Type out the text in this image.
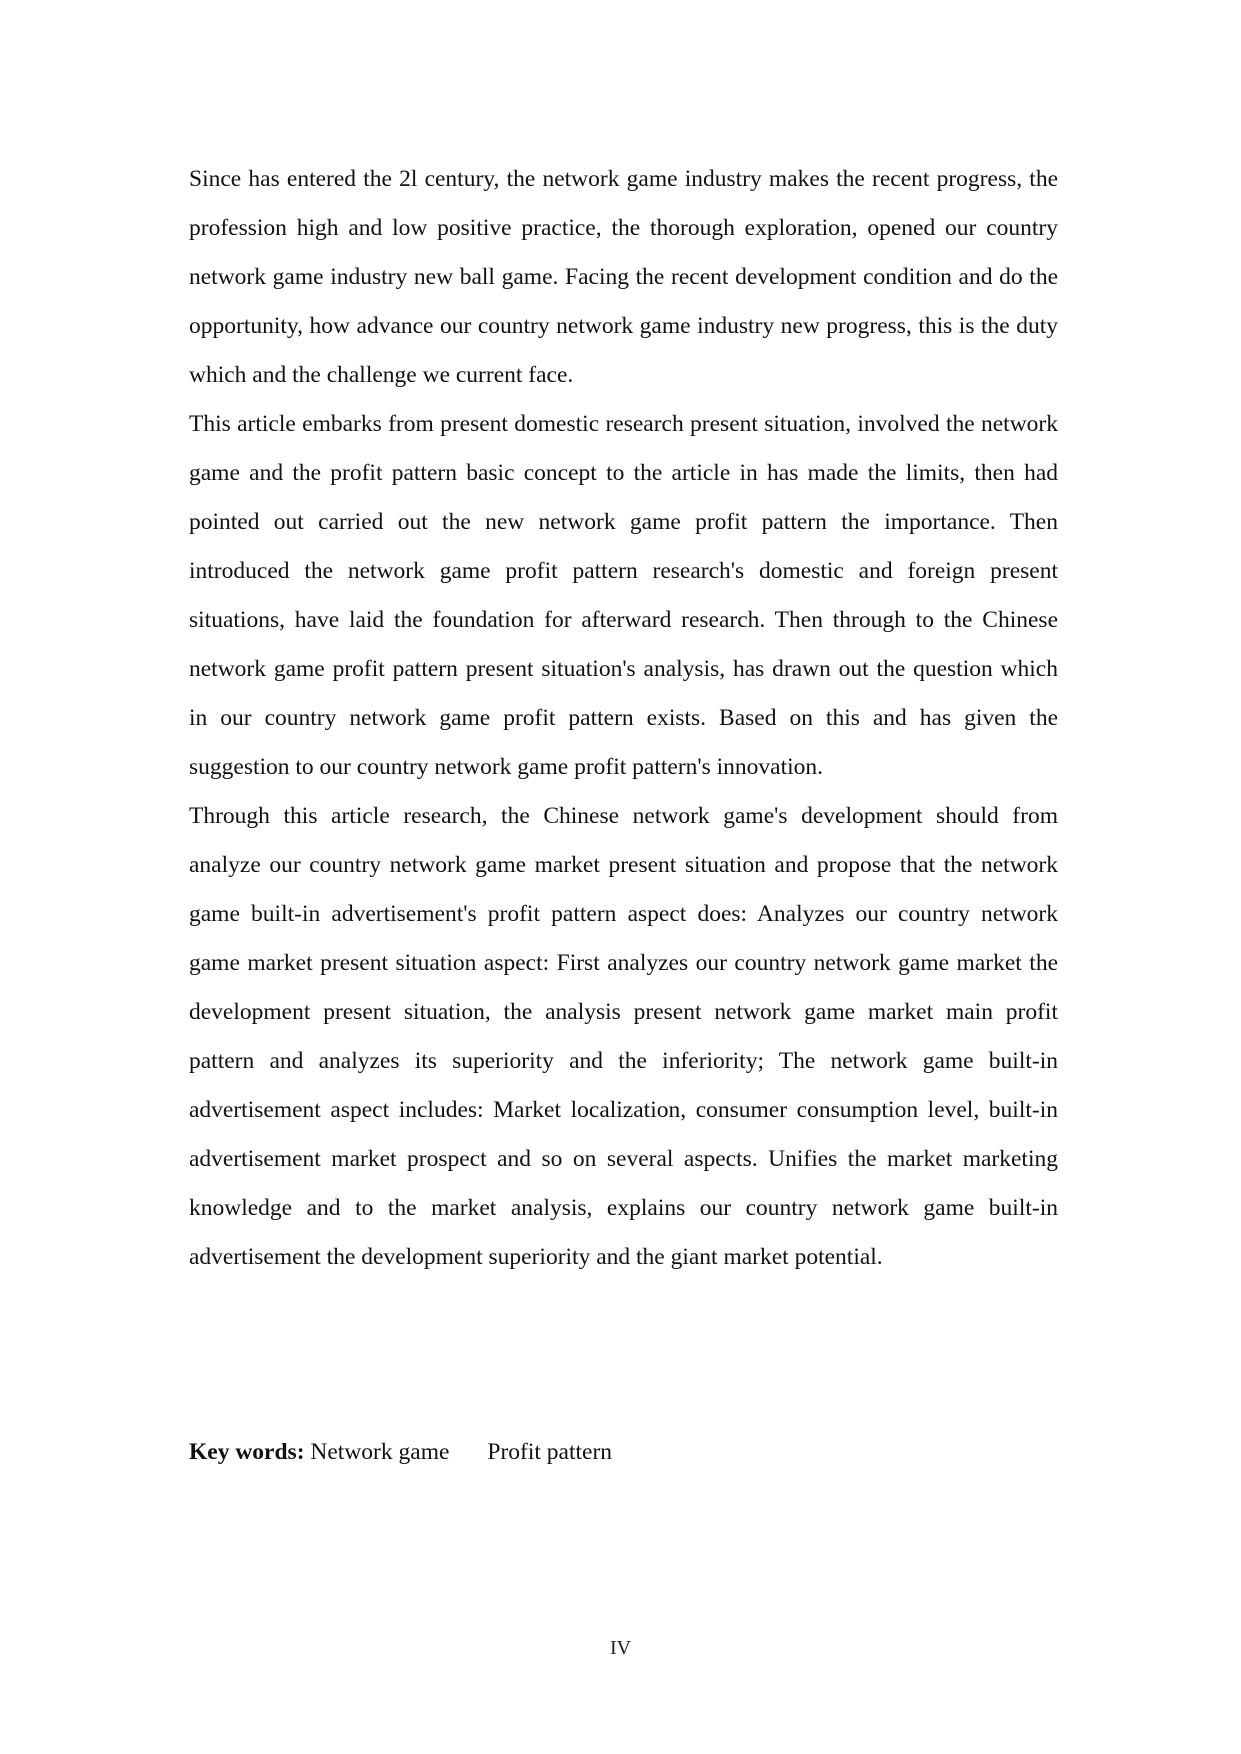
Since has entered the 2l century, the network game industry makes the recent progress, the profession high and low positive practice, the thorough exploration, opened our country network game industry new ball game. Facing the recent development condition and do the opportunity, how advance our country network game industry new progress, this is the duty which and the challenge we current face.

This article embarks from present domestic research present situation, involved the network game and the profit pattern basic concept to the article in has made the limits, then had pointed out carried out the new network game profit pattern the importance. Then introduced the network game profit pattern research's domestic and foreign present situations, have laid the foundation for afterward research. Then through to the Chinese network game profit pattern present situation's analysis, has drawn out the question which in our country network game profit pattern exists. Based on this and has given the suggestion to our country network game profit pattern's innovation.

Through this article research, the Chinese network game's development should from analyze our country network game market present situation and propose that the network game built-in advertisement's profit pattern aspect does: Analyzes our country network game market present situation aspect: First analyzes our country network game market the development present situation, the analysis present network game market main profit pattern and analyzes its superiority and the inferiority; The network game built-in advertisement aspect includes: Market localization, consumer consumption level, built-in advertisement market prospect and so on several aspects. Unifies the market marketing knowledge and to the market analysis, explains our country network game built-in advertisement the development superiority and the giant market potential.

Key words: Network game Profit pattern
IV
